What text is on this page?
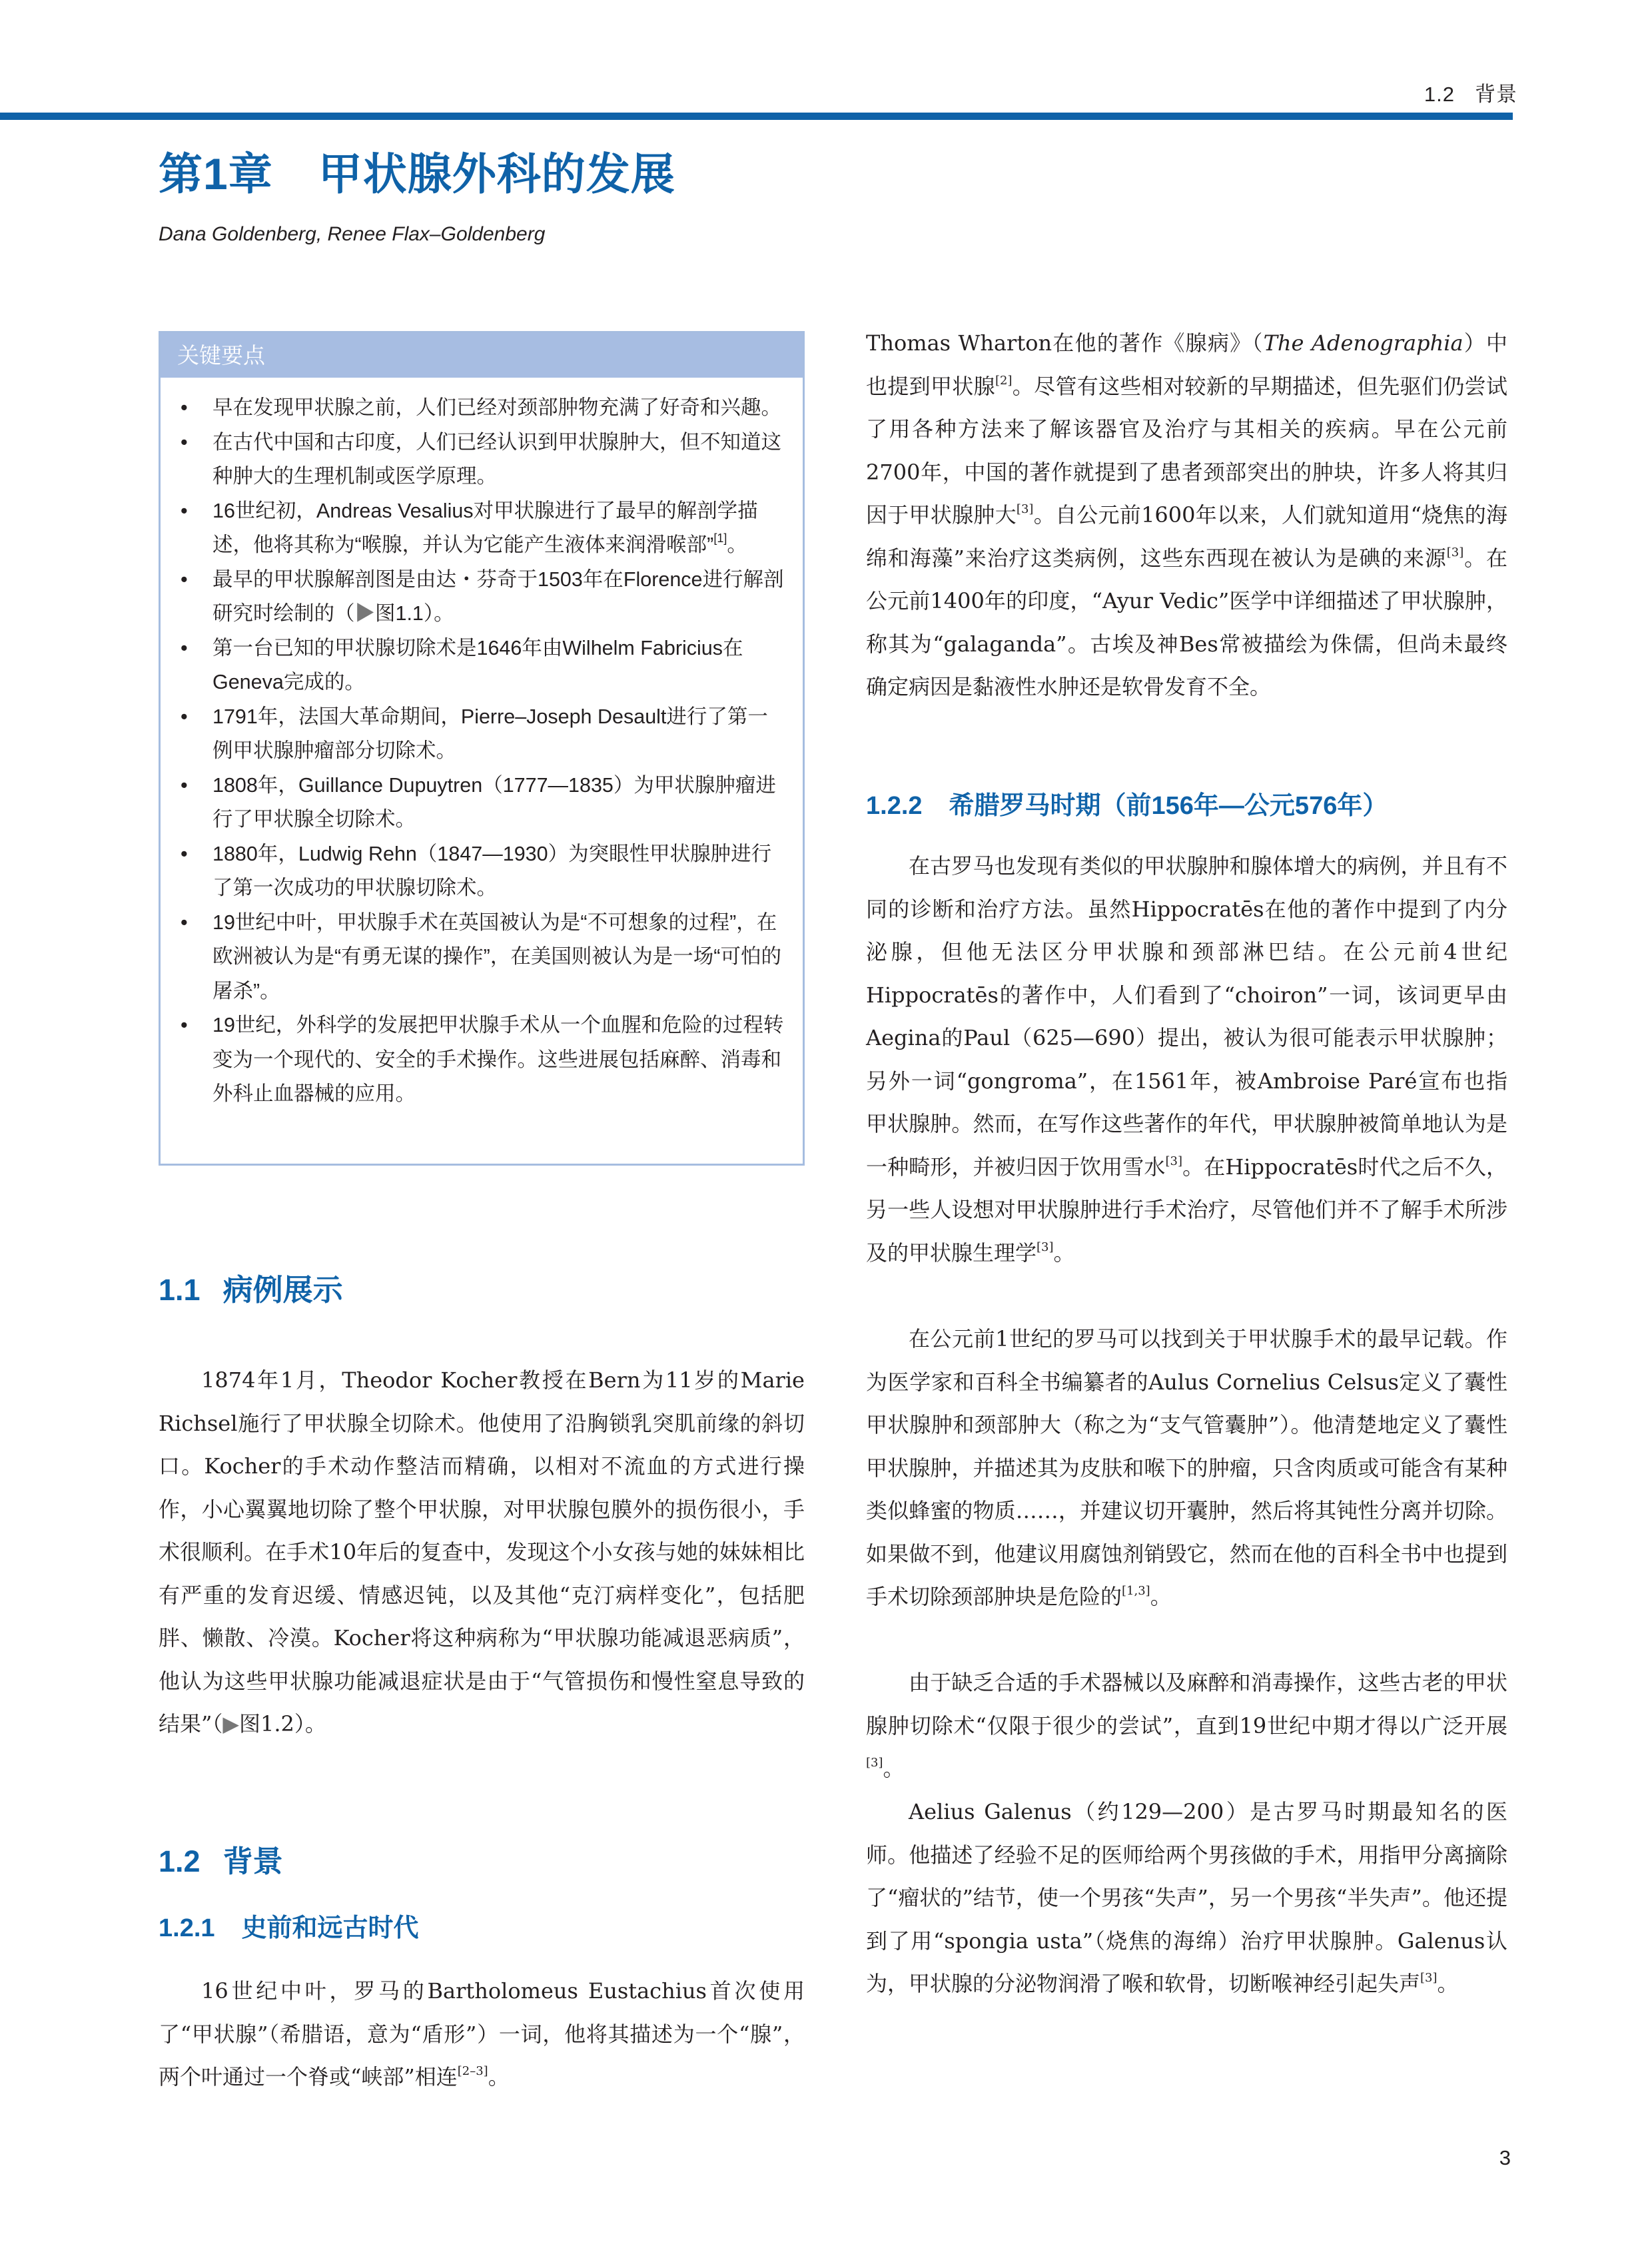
1.2 背景

第1章 甲状腺外科的发展

Dana Goldenberg, Renee Flax–Goldenberg

关键要点
• 早在发现甲状腺之前，人们已经对颈部肿物充满了好奇和兴趣。
• 在古代中国和古印度，人们已经认识到甲状腺肿大，但不知道这种肿大的生理机制或医学原理。
• 16世纪初，Andreas Vesalius对甲状腺进行了最早的解剖学描述，他将其称为“喉腺，并认为它能产生液体来润滑喉部”[1]。
• 最早的甲状腺解剖图是由达・芬奇于1503年在Florence进行解剖研究时绘制的（▶图1.1）。
• 第一台已知的甲状腺切除术是1646年由Wilhelm Fabricius在Geneva完成的。
• 1791年，法国大革命期间，Pierre–Joseph Desault进行了第一例甲状腺肿瘤部分切除术。
• 1808年，Guillance Dupuytren（1777—1835）为甲状腺肿瘤进行了甲状腺全切除术。
• 1880年，Ludwig Rehn（1847—1930）为突眼性甲状腺肿进行了第一次成功的甲状腺切除术。
• 19世纪中叶，甲状腺手术在英国被认为是“不可想象的过程”，在欧洲被认为是“有勇无谋的操作”，在美国则被认为是一场“可怕的屠杀”。
• 19世纪，外科学的发展把甲状腺手术从一个血腥和危险的过程转变为一个现代的、安全的手术操作。这些进展包括麻醉、消毒和外科止血器械的应用。
1.1 病例展示

1874年1月，Theodor Kocher教授在Bern为11岁的Marie Richsel施行了甲状腺全切除术。他使用了沿胸锁乳突肌前缘的斜切口。Kocher的手术动作整洁而精确，以相对不流血的方式进行操作，小心翼翼地切除了整个甲状腺，对甲状腺包膜外的损伤很小，手术很顺利。在手术10年后的复查中，发现这个小女孩与她的妹妹相比有严重的发育迟缓、情感迟钝，以及其他“克汀病样变化”，包括肥胖、懒散、冷漠。Kocher将这种病称为“甲状腺功能减退恶病质”，他认为这些甲状腺功能减退症状是由于“气管损伤和慢性窒息导致的结果”（▶图1.2）。

1.2 背景
1.2.1 史前和远古时代

16世纪中叶，罗马的Bartholomeus Eustachius首次使用了“甲状腺”（希腊语，意为“盾形”）一词，他将其描述为一个“腺”，两个叶通过一个脊或“峡部”相连[2–3]。

Thomas Wharton在他的著作《腺病》（The Adenographia）中也提到甲状腺[2]。尽管有这些相对较新的早期描述，但先驱们仍尝试了用各种方法来了解该器官及治疗与其相关的疾病。早在公元前2700年，中国的著作就提到了患者颈部突出的肿块，许多人将其归因于甲状腺肿大[3]。自公元前1600年以来，人们就知道用“烧焦的海绵和海藻”来治疗这类病例，这些东西现在被认为是碘的来源[3]。在公元前1400年的印度，“Ayur Vedic”医学中详细描述了甲状腺肿，称其为“galaganda”。古埃及神Bes常被描绘为侏儒，但尚未最终确定病因是黏液性水肿还是软骨发育不全。

1.2.2 希腊罗马时期（前156年—公元576年）

在古罗马也发现有类似的甲状腺肿和腺体增大的病例，并且有不同的诊断和治疗方法。虽然Hippocratēs在他的著作中提到了内分泌腺，但他无法区分甲状腺和颈部淋巴结。在公元前4世纪Hippocratēs的著作中，人们看到了“choiron”一词，该词更早由Aegina的Paul（625—690）提出，被认为很可能表示甲状腺肿；另外一词“gongroma”，在1561年，被Ambroise Paré宣布也指甲状腺肿。然而，在写作这些著作的年代，甲状腺肿被简单地认为是一种畸形，并被归因于饮用雪水[3]。在Hippocratēs时代之后不久，另一些人设想对甲状腺肿进行手术治疗，尽管他们并不了解手术所涉及的甲状腺生理学[3]。

在公元前1世纪的罗马可以找到关于甲状腺手术的最早记载。作为医学家和百科全书编纂者的Aulus Cornelius Celsus定义了囊性甲状腺肿和颈部肿大（称之为“支气管囊肿”）。他清楚地定义了囊性甲状腺肿，并描述其为皮肤和喉下的肿瘤，只含肉质或可能含有某种类似蜂蜜的物质……，并建议切开囊肿，然后将其钝性分离并切除。如果做不到，他建议用腐蚀剂销毁它，然而在他的百科全书中也提到手术切除颈部肿块是危险的[1,3]。

由于缺乏合适的手术器械以及麻醉和消毒操作，这些古老的甲状腺肿切除术“仅限于很少的尝试”，直到19世纪中期才得以广泛开展[3]。

Aelius Galenus（约129—200）是古罗马时期最知名的医师。他描述了经验不足的医师给两个男孩做的手术，用指甲分离摘除了“瘤状的”结节，使一个男孩“失声”，另一个男孩“半失声”。他还提到了用“spongia usta”（烧焦的海绵）治疗甲状腺肿。Galenus认为，甲状腺的分泌物润滑了喉和软骨，切断喉神经引起失声[3]。

3
